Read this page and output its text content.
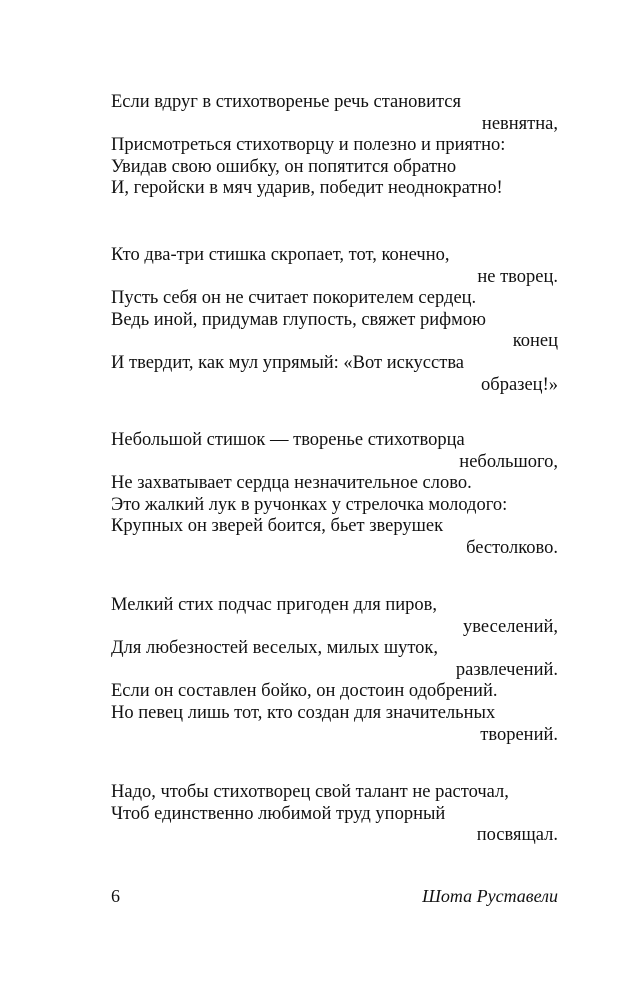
Если вдруг в стихотворенье речь становится
невнятна,
Присмотреться стихотворцу и полезно и приятно:
Увидав свою ошибку, он попятится обратно
И, геройски в мяч ударив, победит неоднократно!
Кто два-три стишка скропает, тот, конечно,
не творец.
Пусть себя он не считает покорителем сердец.
Ведь иной, придумав глупость, свяжет рифмою
конец
И твердит, как мул упрямый: «Вот искусства
образец!»
Небольшой стишок — творенье стихотворца
небольшого,
Не захватывает сердца незначительное слово.
Это жалкий лук в ручонках у стрелочка молодого:
Крупных он зверей боится, бьет зверушек
бестолково.
Мелкий стих подчас пригоден для пиров,
увеселений,
Для любезностей веселых, милых шуток,
развлечений.
Если он составлен бойко, он достоин одобрений.
Но певец лишь тот, кто создан для значительных
творений.
Надо, чтобы стихотворец свой талант не расточал,
Чтоб единственно любимой труд упорный
посвящал.
6	Шота Руставели
